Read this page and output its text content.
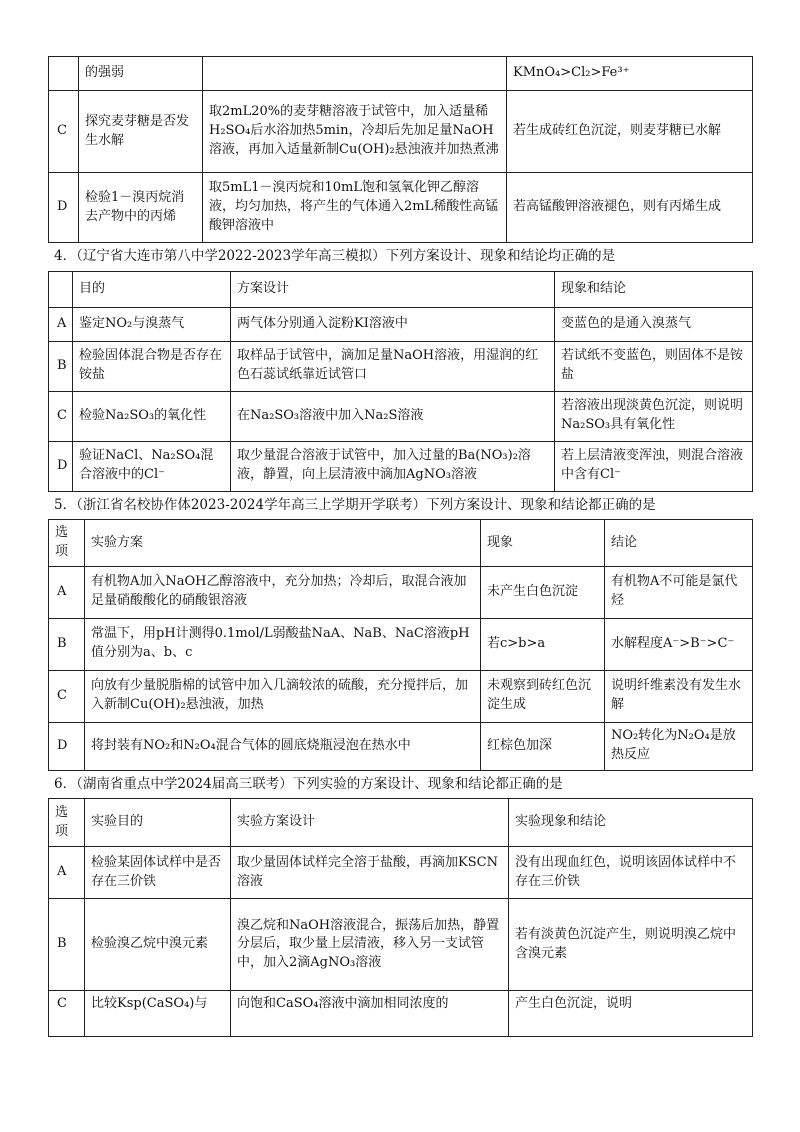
	的强弱		KMnO₄>Cl₂>Fe³⁺
C	探究麦芽糖是否发生水解	取2mL20%的麦芽糖溶液于试管中，加入适量稀H₂SO₄后水浴加热5min，冷却后先加足量NaOH溶液，再加入适量新制Cu(OH)₂悬浊液并加热煮沸	若生成砖红色沉淀，则麦芽糖已水解
D	检验1－溴丙烷消去产物中的丙烯	取5mL1－溴丙烷和10mL饱和氢氧化钾乙醇溶液，均匀加热，将产生的气体通入2mL稀酸性高锰酸钾溶液中	若高锰酸钾溶液褪色，则有丙烯生成
4．（辽宁省大连市第八中学2022-2023学年高三模拟）下列方案设计、现象和结论均正确的是
	目的	方案设计	现象和结论
A	鉴定NO₂与溴蒸气	两气体分别通入淀粉KI溶液中	变蓝色的是通入溴蒸气
B	检验固体混合物是否存在铵盐	取样品于试管中，滴加足量NaOH溶液，用湿润的红色石蕊试纸靠近试管口	若试纸不变蓝色，则固体不是铵盐
C	检验Na₂SO₃的氧化性	在Na₂SO₃溶液中加入Na₂S溶液	若溶液出现淡黄色沉淀，则说明Na₂SO₃具有氧化性
D	验证NaCl、Na₂SO₄混合溶液中的Cl⁻	取少量混合溶液于试管中，加入过量的Ba(NO₃)₂溶液，静置，向上层清液中滴加AgNO₃溶液	若上层清液变浑浊，则混合溶液中含有Cl⁻
5．（浙江省名校协作体2023-2024学年高三上学期开学联考）下列方案设计、现象和结论都正确的是
选项	实验方案	现象	结论
A	有机物A加入NaOH乙醇溶液中，充分加热；冷却后，取混合液加足量硝酸酸化的硝酸银溶液	未产生白色沉淀	有机物A不可能是氯代烃
B	常温下，用pH计测得0.1mol/L弱酸盐NaA、NaB、NaC溶液pH值分别为a、b、c	若c>b>a	水解程度A⁻>B⁻>C⁻
C	向放有少量脱脂棉的试管中加入几滴较浓的硫酸，充分搅拌后，加入新制Cu(OH)₂悬浊液，加热	未观察到砖红色沉淀生成	说明纤维素没有发生水解
D	将封装有NO₂和N₂O₄混合气体的圆底烧瓶浸泡在热水中	红棕色加深	NO₂转化为N₂O₄是放热反应
6．（湖南省重点中学2024届高三联考）下列实验的方案设计、现象和结论都正确的是
选项	实验目的	实验方案设计	实验现象和结论
A	检验某固体试样中是否存在三价铁	取少量固体试样完全溶于盐酸，再滴加KSCN溶液	没有出现血红色，说明该固体试样中不存在三价铁
B	检验溴乙烷中溴元素	溴乙烷和NaOH溶液混合，振荡后加热，静置分层后，取少量上层清液，移入另一支试管中，加入2滴AgNO₃溶液	若有淡黄色沉淀产生，则说明溴乙烷中含溴元素
C	比较Ksp(CaSO₄)与	向饱和CaSO₄溶液中滴加相同浓度的	产生白色沉淀，说明
